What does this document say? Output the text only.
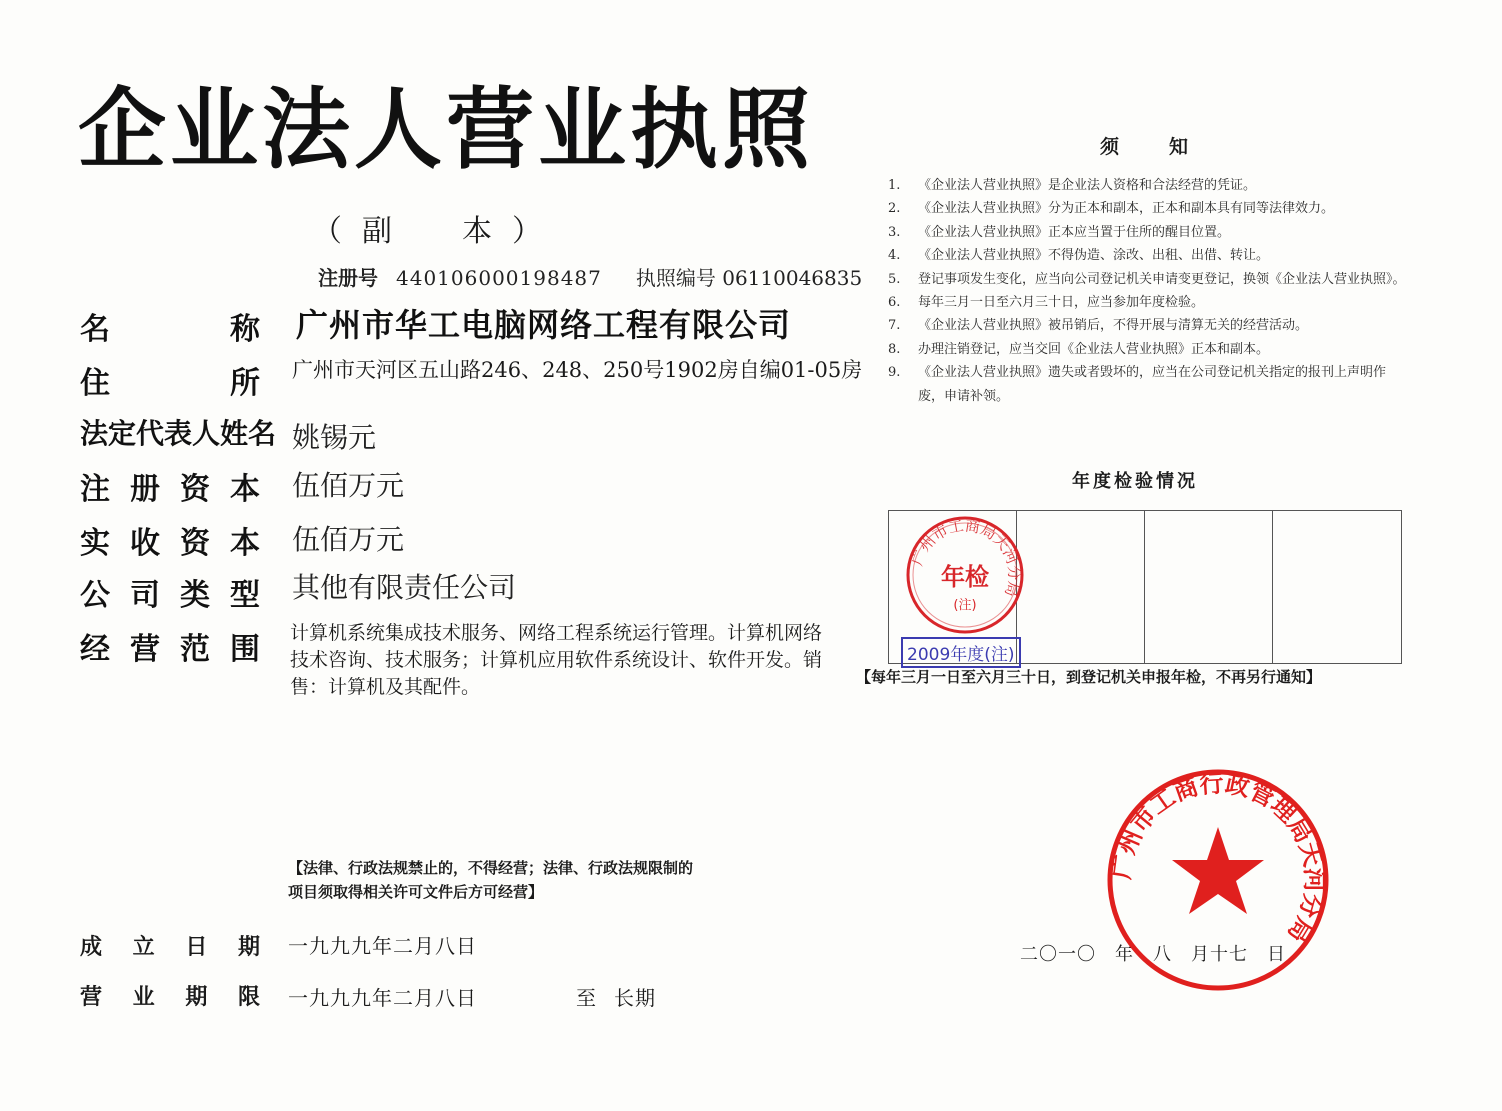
企业法人营业执照
（副　本）
注册号 440106000198487 执照编号 06110046835
名	称 广州市华工电脑网络工程有限公司
住	所 广州市天河区五山路246、248、250号1902房自编01-05房
法定代表人姓名 姚锡元
注 册 资 本 伍佰万元
实 收 资 本 伍佰万元
公 司 类 型 其他有限责任公司
经 营 范 围 计算机系统集成技术服务、网络工程系统运行管理。计算机网络技术咨询、技术服务；计算机应用软件系统设计、软件开发。销售：计算机及其配件。
【法律、行政法规禁止的，不得经营；法律、行政法规限制的项目须取得相关许可文件后方可经营】
成 立 日 期 一九九九年二月八日
营 业 期 限 一九九九年二月八日	至 长期
须知
1. 《企业法人营业执照》是企业法人资格和合法经营的凭证。
2. 《企业法人营业执照》分为正本和副本，正本和副本具有同等法律效力。
3. 《企业法人营业执照》正本应当置于住所的醒目位置。
4. 《企业法人营业执照》不得伪造、涂改、出租、出借、转让。
5. 登记事项发生变化，应当向公司登记机关申请变更登记，换领《企业法人营业执照》。
6. 每年三月一日至六月三十日，应当参加年度检验。
7. 《企业法人营业执照》被吊销后，不得开展与清算无关的经营活动。
8. 办理注销登记，应当交回《企业法人营业执照》正本和副本。
9. 《企业法人营业执照》遗失或者毁坏的，应当在公司登记机关指定的报刊上声明作废，申请补领。
年度检验情况
广州市工商局天河分局
年检
(注)
2009年度(注)
【每年三月一日至六月三十日，到登记机关申报年检，不再另行通知】
二〇一〇　年　八　月十七　日
广州市工商行政管理局天河分局
